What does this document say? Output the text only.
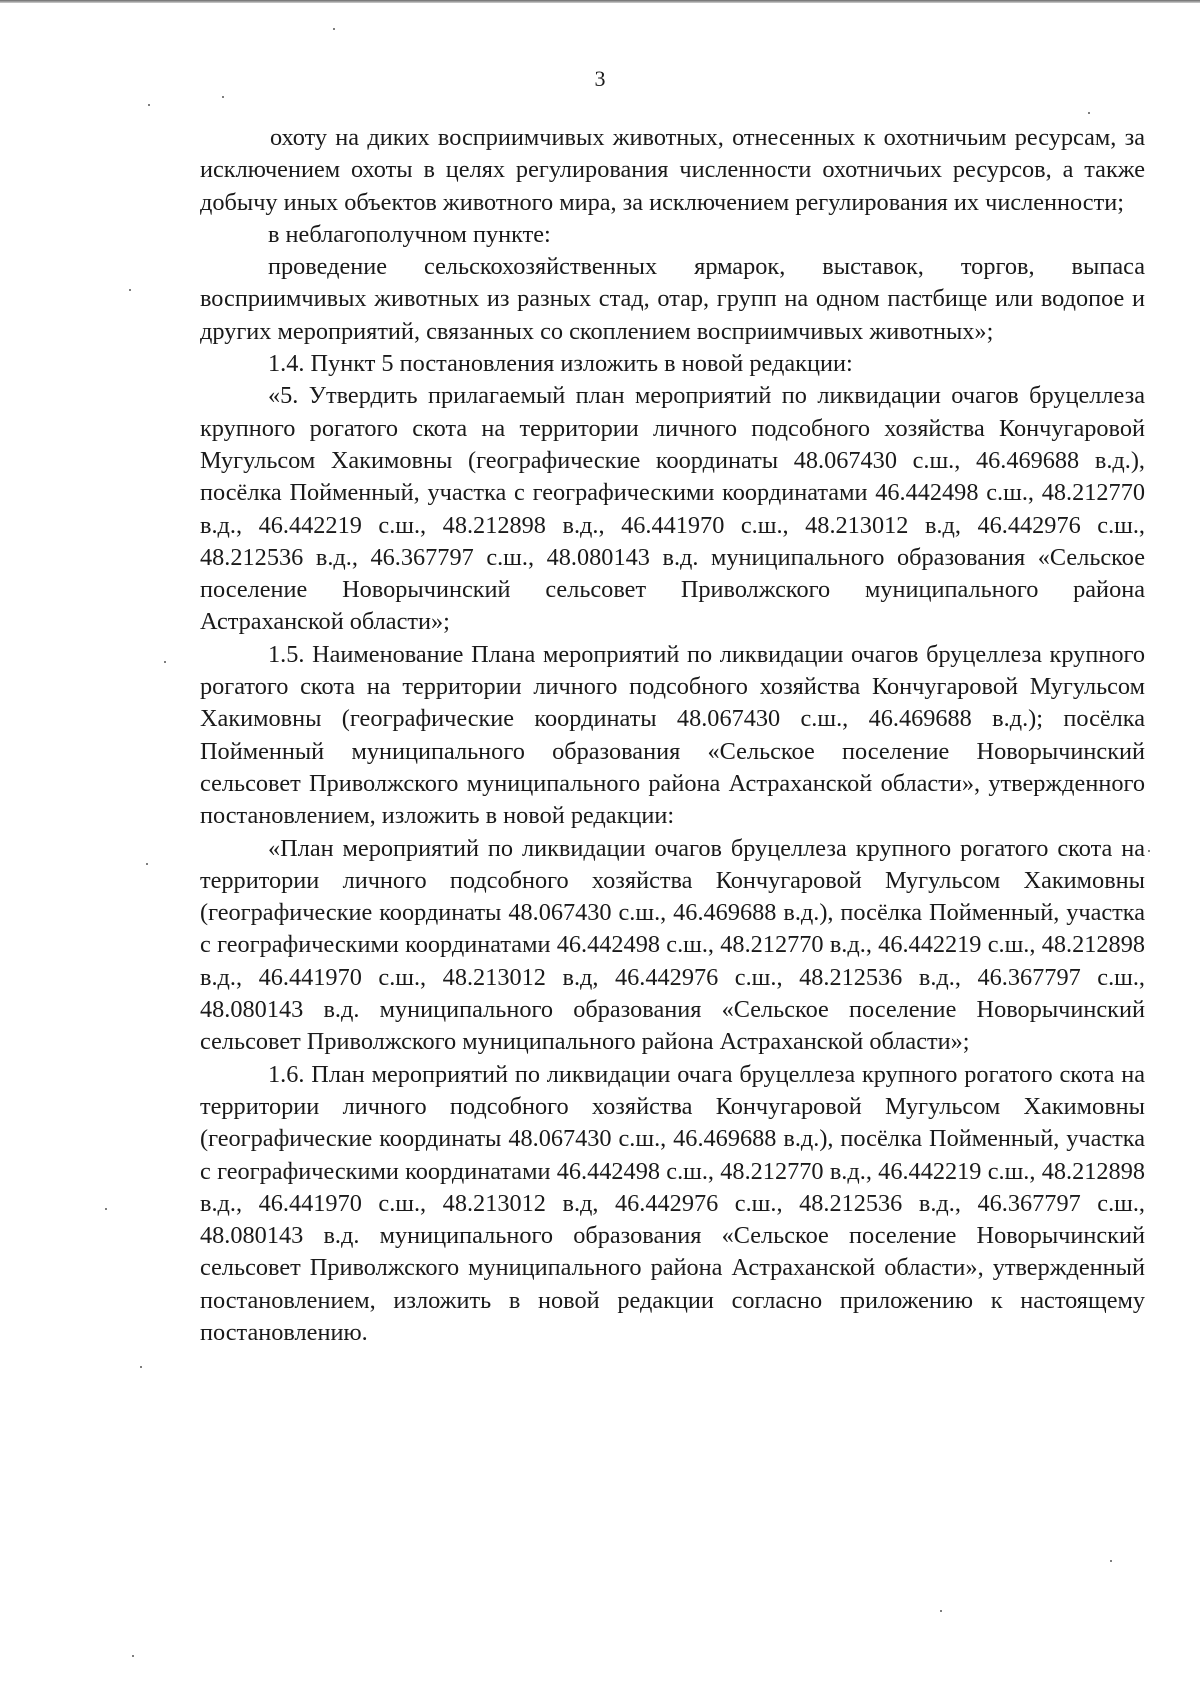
3

охоту на диких восприимчивых животных, отнесенных к охотничьим ресурсам, за исключением охоты в целях регулирования численности охотничьих ресурсов, а также добычу иных объектов животного мира, за исключением регулирования их численности;

в неблагополучном пункте:

проведение сельскохозяйственных ярмарок, выставок, торгов, выпаса восприимчивых животных из разных стад, отар, групп на одном пастбище или водопое и других мероприятий, связанных со скоплением восприимчивых животных»;

1.4. Пункт 5 постановления изложить в новой редакции:

«5. Утвердить прилагаемый план мероприятий по ликвидации очагов бруцеллеза крупного рогатого скота на территории личного подсобного хозяйства Кончугаровой Мугульсом Хакимовны (географические координаты 48.067430 с.ш., 46.469688 в.д.), посёлка Пойменный, участка с географическими координатами 46.442498 с.ш., 48.212770 в.д., 46.442219 с.ш., 48.212898 в.д., 46.441970 с.ш., 48.213012 в.д, 46.442976 с.ш., 48.212536 в.д., 46.367797 с.ш., 48.080143 в.д. муниципального образования «Сельское поселение Новорычинский сельсовет Приволжского муниципального района Астраханской области»;

1.5. Наименование Плана мероприятий по ликвидации очагов бруцеллеза крупного рогатого скота на территории личного подсобного хозяйства Кончугаровой Мугульсом Хакимовны (географические координаты 48.067430 с.ш., 46.469688 в.д.); посёлка Пойменный муниципального образования «Сельское поселение Новорычинский сельсовет Приволжского муниципального района Астраханской области», утвержденного постановлением, изложить в новой редакции:

«План мероприятий по ликвидации очагов бруцеллеза крупного рогатого скота на территории личного подсобного хозяйства Кончугаровой Мугульсом Хакимовны (географические координаты 48.067430 с.ш., 46.469688 в.д.), посёлка Пойменный, участка с географическими координатами 46.442498 с.ш., 48.212770 в.д., 46.442219 с.ш., 48.212898 в.д., 46.441970 с.ш., 48.213012 в.д, 46.442976 с.ш., 48.212536 в.д., 46.367797 с.ш., 48.080143 в.д. муниципального образования «Сельское поселение Новорычинский сельсовет Приволжского муниципального района Астраханской области»;

1.6. План мероприятий по ликвидации очага бруцеллеза крупного рогатого скота на территории личного подсобного хозяйства Кончугаровой Мугульсом Хакимовны (географические координаты 48.067430 с.ш., 46.469688 в.д.), посёлка Пойменный, участка с географическими координатами 46.442498 с.ш., 48.212770 в.д., 46.442219 с.ш., 48.212898 в.д., 46.441970 с.ш., 48.213012 в.д, 46.442976 с.ш., 48.212536 в.д., 46.367797 с.ш., 48.080143 в.д. муниципального образования «Сельское поселение Новорычинский сельсовет Приволжского муниципального района Астраханской области», утвержденный постановлением, изложить в новой редакции согласно приложению к настоящему постановлению.
